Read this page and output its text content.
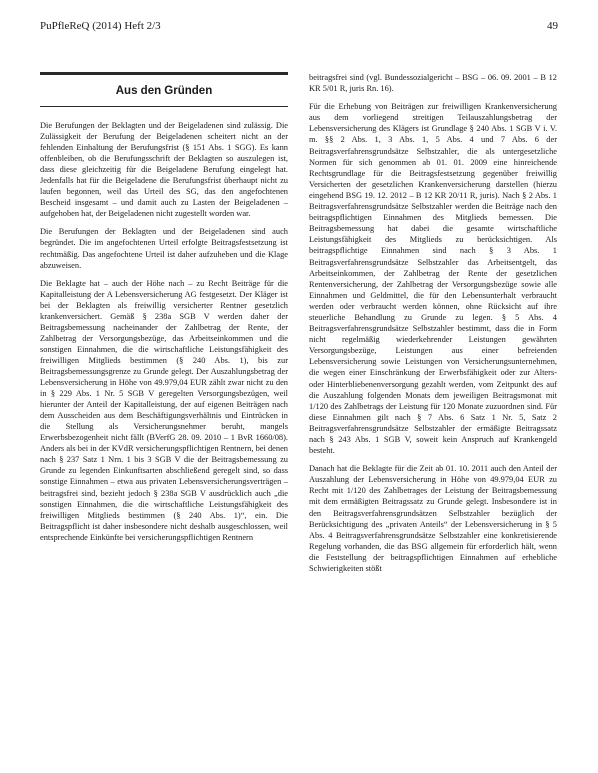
PuPfleReQ (2014) Heft 2/3	49
Aus den Gründen

Die Berufungen der Beklagten und der Beigeladenen sind zulässig. Die Zulässigkeit der Berufung der Beigeladenen scheitert nicht an der fehlenden Einhaltung der Berufungsfrist (§ 151 Abs. 1 SGG). Es kann offenbleiben, ob die Berufungsschrift der Beklagten so auszulegen ist, dass diese gleichzeitig für die Beigeladene Berufung eingelegt hat. Jedenfalls hat für die Beigeladene die Berufungsfrist überhaupt nicht zu laufen begonnen, weil das Urteil des SG, das den angefochtenen Bescheid insgesamt – und damit auch zu Lasten der Beigeladenen – aufgehoben hat, der Beigeladenen nicht zugestellt worden war.

Die Berufungen der Beklagten und der Beigeladenen sind auch begründet. Die im angefochtenen Urteil erfolgte Beitragsfestsetzung ist rechtmäßig. Das angefochtene Urteil ist daher aufzuheben und die Klage abzuweisen.

Die Beklagte hat – auch der Höhe nach – zu Recht Beiträge für die Kapitalleistung der A Lebensversicherung AG festgesetzt. Der Kläger ist bei der Beklagten als freiwillig versicherter Rentner gesetzlich krankenversichert. Gemäß § 238a SGB V werden daher der Beitragsbemessung nacheinander der Zahlbetrag der Rente, der Zahlbetrag der Versorgungsbezüge, das Arbeitseinkommen und die sonstigen Einnahmen, die die wirtschaftliche Leistungsfähigkeit des freiwilligen Mitglieds bestimmen (§ 240 Abs. 1), bis zur Beitragsbemessungsgrenze zu Grunde gelegt. Der Auszahlungsbetrag der Lebensversicherung in Höhe von 49.979,04 EUR zählt zwar nicht zu den in § 229 Abs. 1 Nr. 5 SGB V geregelten Versorgungsbezügen, weil hierunter der Anteil der Kapitalleistung, der auf eigenen Beiträgen nach dem Ausscheiden aus dem Beschäftigungsverhältnis und Eintrücken in die Stellung als Versicherungsnehmer beruht, mangels Erwerbsbezogenheit nicht fällt (BVerfG 28. 09. 2010 – 1 BvR 1660/08). Anders als bei in der KVdR versicherungspflichtigen Rentnern, bei denen nach § 237 Satz 1 Nrn. 1 bis 3 SGB V die der Beitragsbemessung zu Grunde zu legenden Einkunftsarten abschließend geregelt sind, so dass sonstige Einnahmen – etwa aus privaten Lebensversicherungsverträgen – beitragsfrei sind, bezieht jedoch § 238a SGB V ausdrücklich auch „die sonstigen Einnahmen, die die wirtschaftliche Leistungsfähigkeit des freiwilligen Mitglieds bestimmen (§ 240 Abs. 1)“, ein. Die Beitragspflicht ist daher insbesondere nicht deshalb ausgeschlossen, weil entsprechende Einkünfte bei versicherungspflichtigen Rentnern

beitragsfrei sind (vgl. Bundessozialgericht – BSG – 06. 09. 2001 – B 12 KR 5/01 R, juris Rn. 16).

Für die Erhebung von Beiträgen zur freiwilligen Krankenversicherung aus dem vorliegend streitigen Teilauszahlungsbetrag der Lebensversicherung des Klägers ist Grundlage § 240 Abs. 1 SGB V i. V. m. §§ 2 Abs. 1, 3 Abs. 1, 5 Abs. 4 und 7 Abs. 6 der Beitragsverfahrensgrundsätze Selbstzahler, die als untergesetzliche Normen für sich genommen ab 01. 01. 2009 eine hinreichende Rechtsgrundlage für die Beitragsfestsetzung gegenüber freiwillig Versicherten der gesetzlichen Krankenversicherung darstellen (hierzu eingehend BSG 19. 12. 2012 – B 12 KR 20/11 R, juris). Nach § 2 Abs. 1 Beitragsverfahrensgrundsätze Selbstzahler werden die Beiträge nach den beitragspflichtigen Einnahmen des Mitglieds bemessen. Die Beitragsbemessung hat dabei die gesamte wirtschaftliche Leistungsfähigkeit des Mitglieds zu berücksichtigen. Als beitragspflichtige Einnahmen sind nach § 3 Abs. 1 Beitragsverfahrensgrundsätze Selbstzahler das Arbeitsentgelt, das Arbeitseinkommen, der Zahlbetrag der Rente der gesetzlichen Rentenversicherung, der Zahlbetrag der Versorgungsbezüge sowie alle Einnahmen und Geldmittel, die für den Lebensunterhalt verbraucht werden oder verbraucht werden können, ohne Rücksicht auf ihre steuerliche Behandlung zu Grunde zu legen. § 5 Abs. 4 Beitragsverfahrensgrundsätze Selbstzahler bestimmt, dass die in Form nicht regelmäßig wiederkehrender Leistungen gewährten Versorgungsbezüge, Leistungen aus einer befreienden Lebensversicherung sowie Leistungen von Versicherungsunternehmen, die wegen einer Einschränkung der Erwerbsfähigkeit oder zur Alters- oder Hinterbliebenenversorgung gezahlt werden, vom Zeitpunkt des auf die Auszahlung folgenden Monats dem jeweiligen Beitragsmonat mit 1/120 des Zahlbetrags der Leistung für 120 Monate zuzuordnen sind. Für diese Einnahmen gilt nach § 7 Abs. 6 Satz 1 Nr. 5, Satz 2 Beitragsverfahrensgrundsätze Selbstzahler der ermäßigte Beitragssatz nach § 243 Abs. 1 SGB V, soweit kein Anspruch auf Krankengeld besteht.

Danach hat die Beklagte für die Zeit ab 01. 10. 2011 auch den Anteil der Auszahlung der Lebensversicherung in Höhe von 49.979,04 EUR zu Recht mit 1/120 des Zahlbetrages der Leistung der Beitragsbemessung mit dem ermäßigten Beitragssatz zu Grunde gelegt. Insbesondere ist in den Beitragsverfahrensgrundsätzen Selbstzahler bezüglich der Berücksichtigung des „privaten Anteils“ der Lebensversicherung in § 5 Abs. 4 Beitragsverfahrensgrundsätze Selbstzahler eine konkretisierende Regelung vorhanden, die das BSG allgemein für erforderlich hält, wenn die Feststellung der beitragspflichtigen Einnahmen auf erhebliche Schwierigkeiten stößt
